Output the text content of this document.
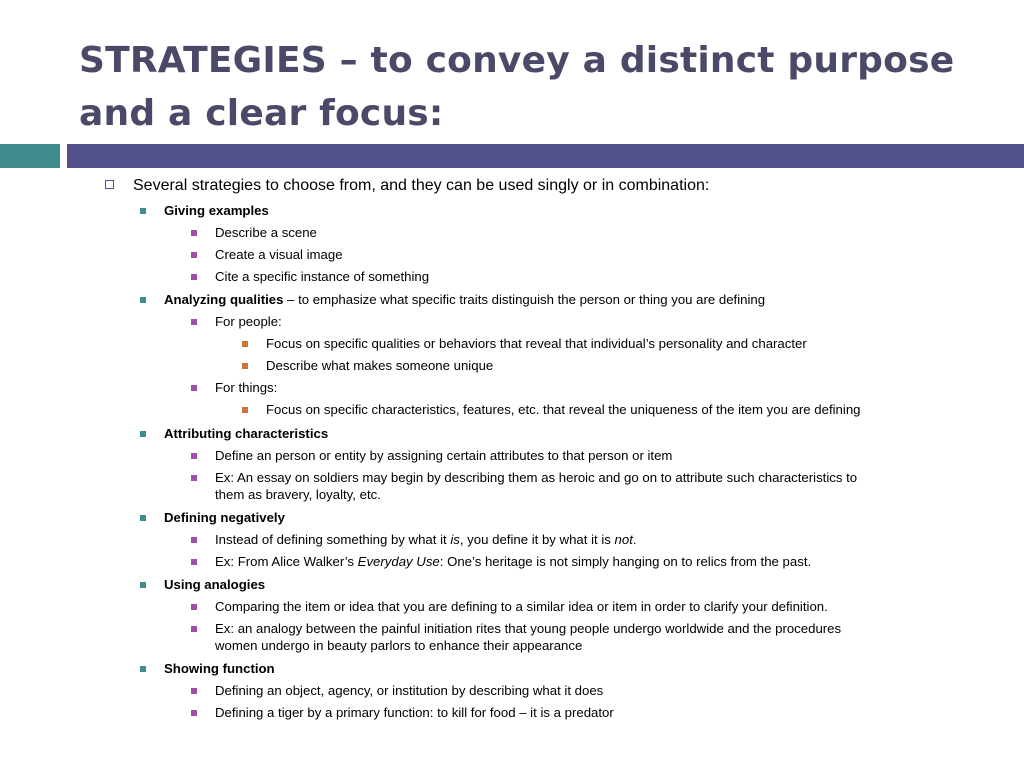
STRATEGIES – to convey a distinct purpose and a clear focus:
Several strategies to choose from, and they can be used singly or in combination:
Giving examples
Describe a scene
Create a visual image
Cite a specific instance of something
Analyzing qualities – to emphasize what specific traits distinguish the person or thing you are defining
For people:
Focus on specific qualities or behaviors that reveal that individual’s personality and character
Describe what makes someone unique
For things:
Focus on specific characteristics, features, etc. that reveal the uniqueness of the item you are defining
Attributing characteristics
Define an person or entity by assigning certain attributes to that person or item
Ex: An essay on soldiers may begin by describing them as heroic and go on to attribute such characteristics to
them as bravery, loyalty, etc.
Defining negatively
Instead of defining something by what it is, you define it by what it is not.
Ex: From Alice Walker’s Everyday Use: One’s heritage is not simply hanging on to relics from the past.
Using analogies
Comparing the item or idea that you are defining to a similar idea or item in order to clarify your definition.
Ex: an analogy between the painful initiation rites that young people undergo worldwide and the procedures
women undergo in beauty parlors to enhance their appearance
Showing function
Defining an object, agency, or institution by describing what it does
Defining a tiger by a primary function: to kill for food – it is a predator
